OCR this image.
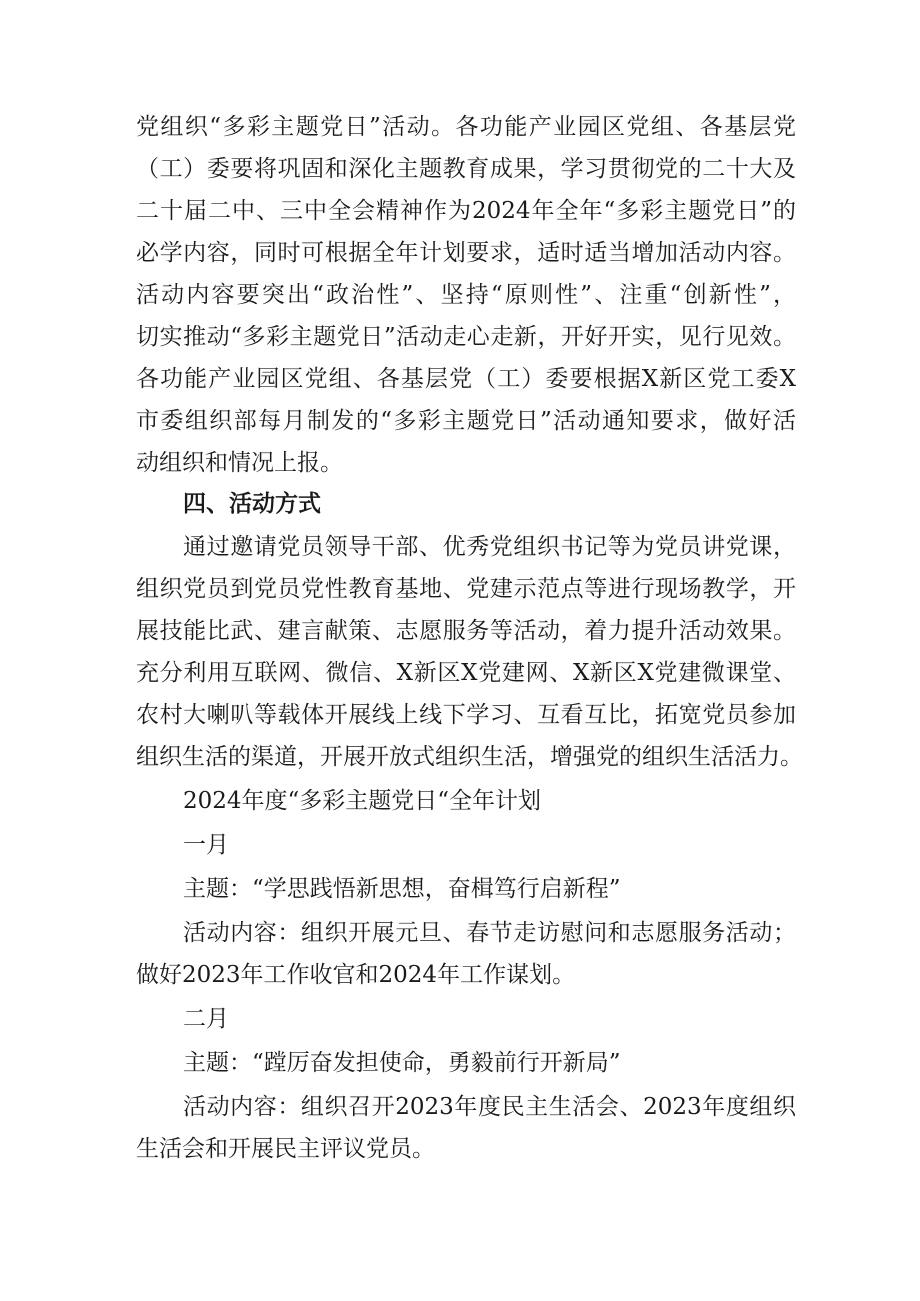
党组织“多彩主题党日”活动。各功能产业园区党组、各基层党
（工）委要将巩固和深化主题教育成果，学习贯彻党的二十大及
二十届二中、三中全会精神作为2024年全年“多彩主题党日”的
必学内容，同时可根据全年计划要求，适时适当增加活动内容。
活动内容要突出“政治性”、坚持“原则性”、注重“创新性”，
切实推动“多彩主题党日”活动走心走新，开好开实，见行见效。
各功能产业园区党组、各基层党（工）委要根据X新区党工委X
市委组织部每月制发的“多彩主题党日”活动通知要求，做好活
动组织和情况上报。
四、活动方式
通过邀请党员领导干部、优秀党组织书记等为党员讲党课，
组织党员到党员党性教育基地、党建示范点等进行现场教学，开
展技能比武、建言献策、志愿服务等活动，着力提升活动效果。
充分利用互联网、微信、X新区X党建网、X新区X党建微课堂、
农村大喇叭等载体开展线上线下学习、互看互比，拓宽党员参加
组织生活的渠道，开展开放式组织生活，增强党的组织生活活力。
2024年度“多彩主题党日“全年计划
一月
主题：“学思践悟新思想，奋楫笃行启新程”
活动内容：组织开展元旦、春节走访慰问和志愿服务活动；
做好2023年工作收官和2024年工作谋划。
二月
主题：“蹚厉奋发担使命，勇毅前行开新局”
活动内容：组织召开2023年度民主生活会、2023年度组织
生活会和开展民主评议党员。
